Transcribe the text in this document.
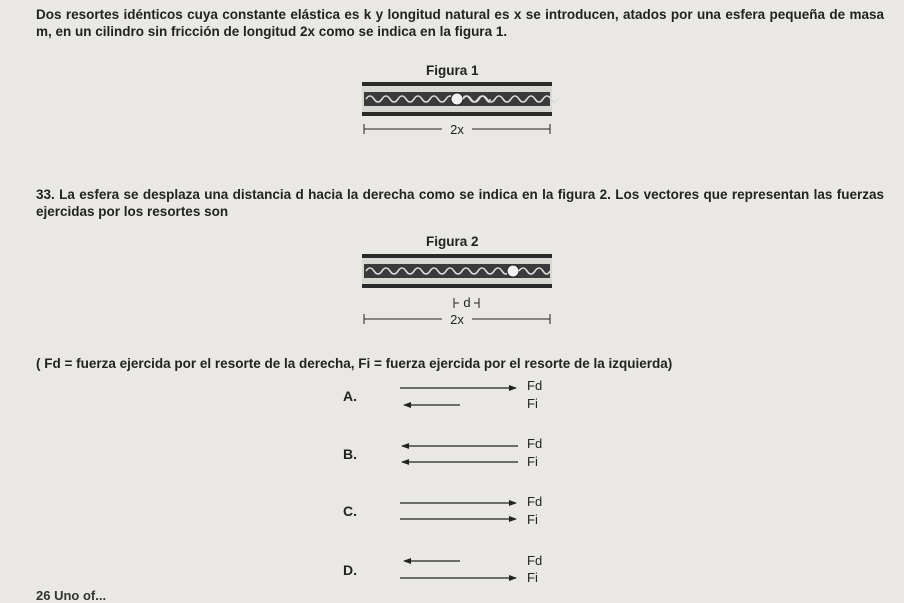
Dos resortes idénticos cuya constante elástica es k y longitud natural es x se introducen, atados por una esfera pequeña de masa m, en un cilindro sin fricción de longitud 2x como se indica en la figura 1.
Figura 1
33. La esfera se desplaza una distancia d hacia la derecha como se indica en la figura 2. Los vectores que representan las fuerzas ejercidas por los resortes son
Figura 2
( Fd = fuerza ejercida por el resorte de la derecha, Fi = fuerza ejercida por el resorte de la izquierda)
2x
d
2x
A.
B.
C.
D.
Fd
Fi
Fd
Fi
Fd
Fi
Fd
Fi
26 Uno of...
